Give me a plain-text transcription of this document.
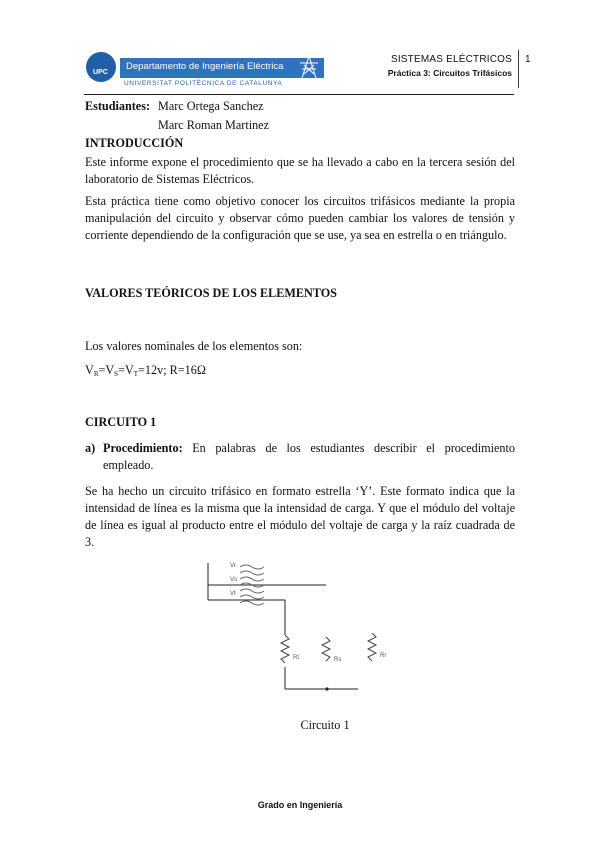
UPC
Departamento de Ingeniería Eléctrica
UNIVERSITAT POLITÈCNICA DE CATALUNYA
SISTEMAS ELÉCTRICOS
Práctica 3: Circuitos Trifásicos
1
Estudiantes: Marc Ortega Sanchez
Marc Roman Martinez
INTRODUCCIÓN
Este informe expone el procedimiento que se ha llevado a cabo en la tercera sesión del laboratorio de Sistemas Eléctricos.
Esta práctica tiene como objetivo conocer los circuitos trifásicos mediante la propia manipulación del circuito y observar cómo pueden cambiar los valores de tensión y corriente dependiendo de la configuración que se use, ya sea en estrella o en triángulo.
VALORES TEÓRICOS DE LOS ELEMENTOS
Los valores nominales de los elementos son:
$V_R=V_S=V_T=12v$; R=16Ω
CIRCUITO 1
a) Procedimiento: En palabras de los estudiantes describir el procedimiento empleado.
Se ha hecho un circuito trifásico en formato estrella ‘Y’. Este formato indica que la intensidad de línea es la misma que la intensidad de carga. Y que el módulo del voltaje de línea es igual al producto entre el módulo del voltaje de carga y la raíz cuadrada de 3.
Vr
Vs
Vt
Rt	Rs
Rr
Circuito 1
Grado en Ingeniería
